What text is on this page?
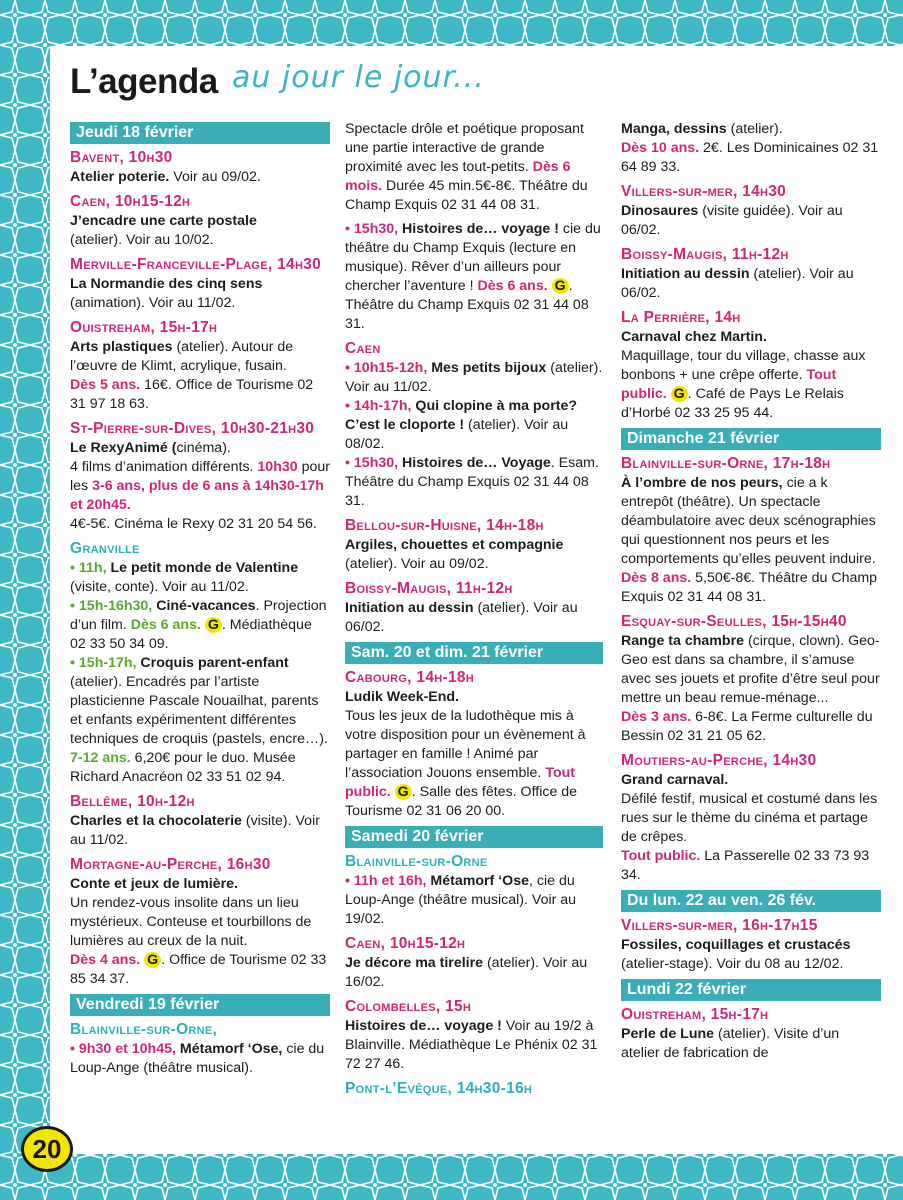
L’agenda au jour le jour...
Jeudi 18 février
Bavent, 10h30
Atelier poterie. Voir au 09/02.
Caen, 10h15-12h
J’encadre une carte postale
(atelier). Voir au 10/02.
Merville-Franceville-Plage, 14h30
La Normandie des cinq sens
(animation). Voir au 11/02.
Ouistreham, 15h-17h
Arts plastiques (atelier). Autour de l’œuvre de Klimt, acrylique, fusain.
Dès 5 ans. 16€. Office de Tourisme 02 31 97 18 63.
St-Pierre-sur-Dives, 10h30-21h30
Le RexyAnimé (cinéma).
4 films d’animation différents. 10h30 pour les 3-6 ans, plus de 6 ans à 14h30-17h et 20h45.
4€-5€. Cinéma le Rexy 02 31 20 54 56.
Granville
• 11h, Le petit monde de Valentine (visite, conte). Voir au 11/02.
• 15h-16h30, Ciné-vacances. Projection d’un film. Dès 6 ans. G . Médiathèque 02 33 50 34 09.
• 15h-17h, Croquis parent-enfant (atelier). Encadrés par l’artiste plasticienne Pascale Nouailhat, parents et enfants expérimentent différentes techniques de croquis (pastels, encre…). 7-12 ans. 6,20€ pour le duo. Musée Richard Anacréon 02 33 51 02 94.
Bellême, 10h-12h
Charles et la chocolaterie (visite). Voir au 11/02.
Mortagne-au-Perche, 16h30
Conte et jeux de lumière.
Un rendez-vous insolite dans un lieu mystérieux. Conteuse et tourbillons de lumières au creux de la nuit.
Dès 4 ans. G . Office de Tourisme 02 33 85 34 37.
Vendredi 19 février
Blainville-sur-Orne,
• 9h30 et 10h45, Métamorf ‘Ose, cie du Loup-Ange (théâtre musical).
Spectacle drôle et poétique proposant une partie interactive de grande proximité avec les tout-petits. Dès 6 mois. Durée 45 min.5€-8€. Théâtre du Champ Exquis 02 31 44 08 31.
• 15h30, Histoires de… voyage ! cie du théâtre du Champ Exquis (lecture en musique). Rêver d’un ailleurs pour chercher l’aventure ! Dès 6 ans. G . Théâtre du Champ Exquis 02 31 44 08 31.
Caen
• 10h15-12h, Mes petits bijoux (atelier). Voir au 11/02.
• 14h-17h, Qui clopine à ma porte? C’est le cloporte ! (atelier). Voir au 08/02.
• 15h30, Histoires de… Voyage. Esam. Théâtre du Champ Exquis 02 31 44 08 31.
Bellou-sur-Huisne, 14h-18h
Argiles, chouettes et compagnie
(atelier). Voir au 09/02.
Boissy-Maugis, 11h-12h
Initiation au dessin (atelier). Voir au 06/02.
Sam. 20 et dim. 21 février
Cabourg, 14h-18h
Ludik Week-End.
Tous les jeux de la ludothèque mis à votre disposition pour un évènement à partager en famille ! Animé par l’association Jouons ensemble. Tout public. G . Salle des fêtes. Office de Tourisme 02 31 06 20 00.
Samedi 20 février
Blainville-sur-Orne
• 11h et 16h, Métamorf ‘Ose, cie du Loup-Ange (théâtre musical). Voir au 19/02.
Caen, 10h15-12h
Je décore ma tirelire (atelier). Voir au 16/02.
Colombelles, 15h
Histoires de… voyage ! Voir au 19/2 à Blainville. Médiathèque Le Phénix 02 31 72 27 46.
Pont-l’Evêque, 14h30-16h
Manga, dessins (atelier).
Dès 10 ans. 2€. Les Dominicaines 02 31 64 89 33.
Villers-sur-mer, 14h30
Dinosaures (visite guidée). Voir au 06/02.
Boissy-Maugis, 11h-12h
Initiation au dessin (atelier). Voir au 06/02.
La Perrière, 14h
Carnaval chez Martin.
Maquillage, tour du village, chasse aux bonbons + une crêpe offerte. Tout public. G . Café de Pays Le Relais d’Horbé 02 33 25 95 44.
Dimanche 21 février
Blainville-sur-Orne, 17h-18h
À l’ombre de nos peurs, cie a k entrepôt (théâtre). Un spectacle déambulatoire avec deux scénographies qui questionnent nos peurs et les comportements qu’elles peuvent induire.
Dès 8 ans. 5,50€-8€. Théâtre du Champ Exquis 02 31 44 08 31.
Esquay-sur-Seulles, 15h-15h40
Range ta chambre (cirque, clown). Geo-Geo est dans sa chambre, il s’amuse avec ses jouets et profite d’être seul pour mettre un beau remue-ménage...
Dès 3 ans. 6-8€. La Ferme culturelle du Bessin 02 31 21 05 62.
Moutiers-au-Perche, 14h30
Grand carnaval.
Défilé festif, musical et costumé dans les rues sur le thème du cinéma et partage de crêpes.
Tout public. La Passerelle 02 33 73 93 34.
Du lun. 22 au ven. 26 fév.
Villers-sur-mer, 16h-17h15
Fossiles, coquillages et crustacés (atelier-stage). Voir du 08 au 12/02.
Lundi 22 février
Ouistreham, 15h-17h
Perle de Lune (atelier). Visite d’un atelier de fabrication de
20
